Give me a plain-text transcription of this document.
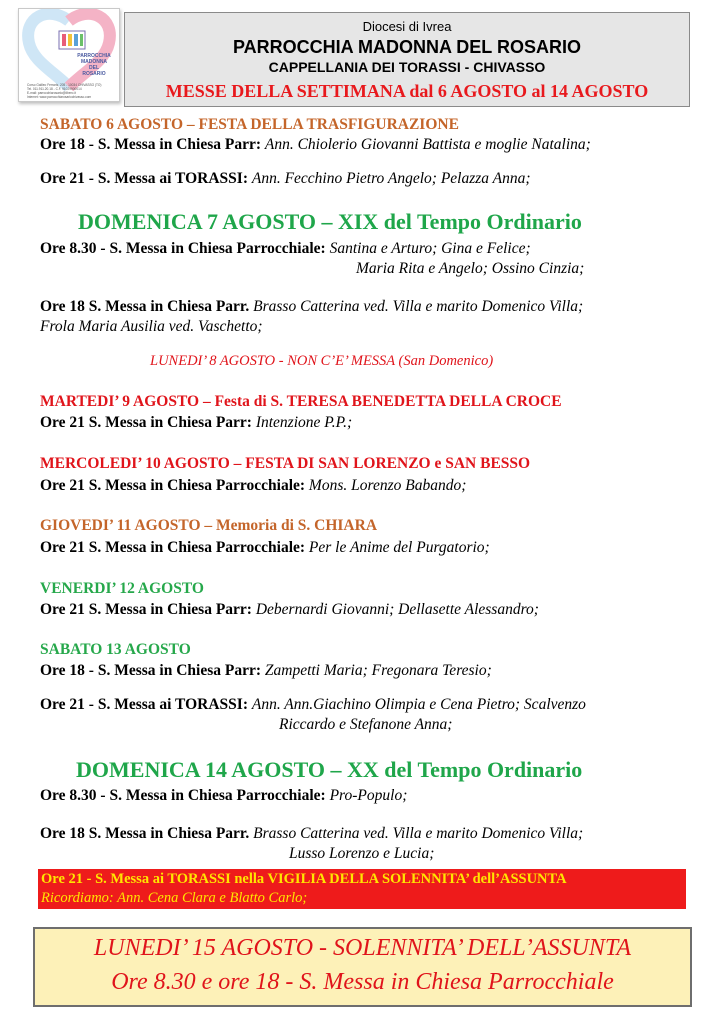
PARROCCHIA
MADONNA
DEL
ROSARIO
Corso Galileo Ferraris, 205 - 10034 CHIVASSO (TO)
Tel. 011.911.20.18 - C.F. 91029900014
E-mail: parrocchiarosario@libero.it
Internet: www.parrocchiarosariochivasso.com
Diocesi di Ivrea
PARROCCHIA MADONNA DEL ROSARIO
CAPPELLANIA DEI TORASSI - CHIVASSO
MESSE DELLA SETTIMANA dal 6 AGOSTO al 14 AGOSTO
SABATO 6 AGOSTO – FESTA DELLA TRASFIGURAZIONE
Ore 18 - S. Messa in Chiesa Parr: Ann. Chiolerio Giovanni Battista e moglie Natalina;
Ore 21 - S. Messa ai TORASSI: Ann. Fecchino Pietro Angelo; Pelazza Anna;
DOMENICA 7 AGOSTO – XIX del Tempo Ordinario
Ore 8.30 - S. Messa in Chiesa Parrocchiale: Santina e Arturo; Gina e Felice;
Maria Rita e Angelo; Ossino Cinzia;
Ore 18 S. Messa in Chiesa Parr. Brasso Catterina ved. Villa e marito Domenico Villa;
Frola Maria Ausilia ved. Vaschetto;
LUNEDI’ 8 AGOSTO - NON C’E’ MESSA (San Domenico)
MARTEDI’ 9 AGOSTO – Festa di S. TERESA BENEDETTA DELLA CROCE
Ore 21 S. Messa in Chiesa Parr: Intenzione P.P.;
MERCOLEDI’ 10 AGOSTO – FESTA DI SAN LORENZO e SAN BESSO
Ore 21 S. Messa in Chiesa Parrocchiale: Mons. Lorenzo Babando;
GIOVEDI’ 11 AGOSTO – Memoria di S. CHIARA
Ore 21 S. Messa in Chiesa Parrocchiale: Per le Anime del Purgatorio;
VENERDI’ 12 AGOSTO
Ore 21 S. Messa in Chiesa Parr: Debernardi Giovanni; Dellasette Alessandro;
SABATO 13 AGOSTO
Ore 18 - S. Messa in Chiesa Parr: Zampetti Maria; Fregonara Teresio;
Ore 21 - S. Messa ai TORASSI: Ann. Ann.Giachino Olimpia e Cena Pietro; Scalvenzo
Riccardo e Stefanone Anna;
DOMENICA 14 AGOSTO – XX del Tempo Ordinario
Ore 8.30 - S. Messa in Chiesa Parrocchiale: Pro-Populo;
Ore 18 S. Messa in Chiesa Parr. Brasso Catterina ved. Villa e marito Domenico Villa;
Lusso Lorenzo e Lucia;
Ore 21 - S. Messa ai TORASSI nella VIGILIA DELLA SOLENNITA’ dell’ASSUNTA
Ricordiamo: Ann. Cena Clara e Blatto Carlo;
LUNEDI’ 15 AGOSTO - SOLENNITA’ DELL’ASSUNTA
Ore 8.30 e ore 18 - S. Messa in Chiesa Parrocchiale
